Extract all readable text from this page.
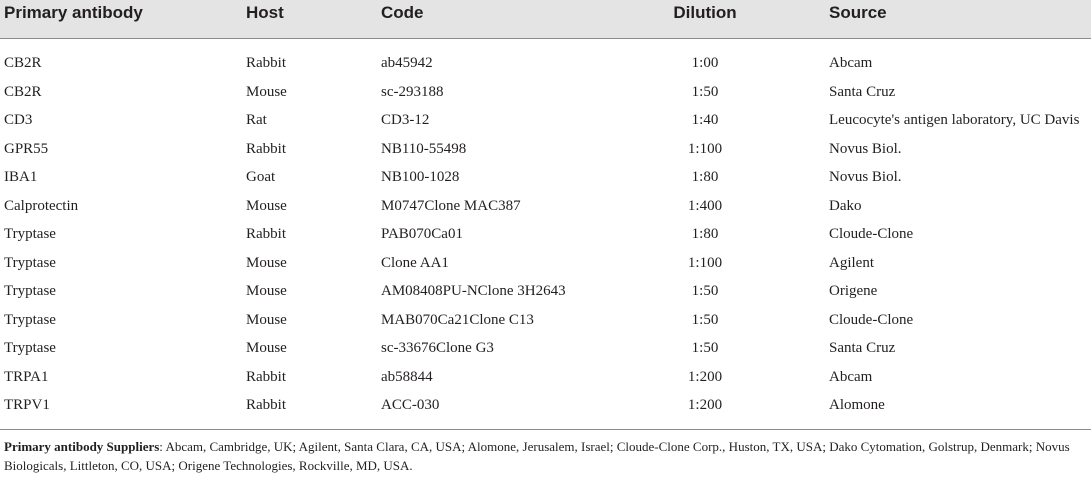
Primary antibody	Host	Code	Dilution	Source
CB2R	Rabbit	ab45942	1:00	Abcam
CB2R	Mouse	sc-293188	1:50	Santa Cruz
CD3	Rat	CD3-12	1:40	Leucocyte's antigen laboratory, UC Davis
GPR55	Rabbit	NB110-55498	1:100	Novus Biol.
IBA1	Goat	NB100-1028	1:80	Novus Biol.
Calprotectin	Mouse	M0747Clone MAC387	1:400	Dako
Tryptase	Rabbit	PAB070Ca01	1:80	Cloude-Clone
Tryptase	Mouse	Clone AA1	1:100	Agilent
Tryptase	Mouse	AM08408PU-NClone 3H2643	1:50	Origene
Tryptase	Mouse	MAB070Ca21Clone C13	1:50	Cloude-Clone
Tryptase	Mouse	sc-33676Clone G3	1:50	Santa Cruz
TRPA1	Rabbit	ab58844	1:200	Abcam
TRPV1	Rabbit	ACC-030	1:200	Alomone
Primary antibody Suppliers: Abcam, Cambridge, UK; Agilent, Santa Clara, CA, USA; Alomone, Jerusalem, Israel; Cloude-Clone Corp., Huston, TX, USA; Dako Cytomation, Golstrup, Denmark; Novus Biologicals, Littleton, CO, USA; Origene Technologies, Rockville, MD, USA.
